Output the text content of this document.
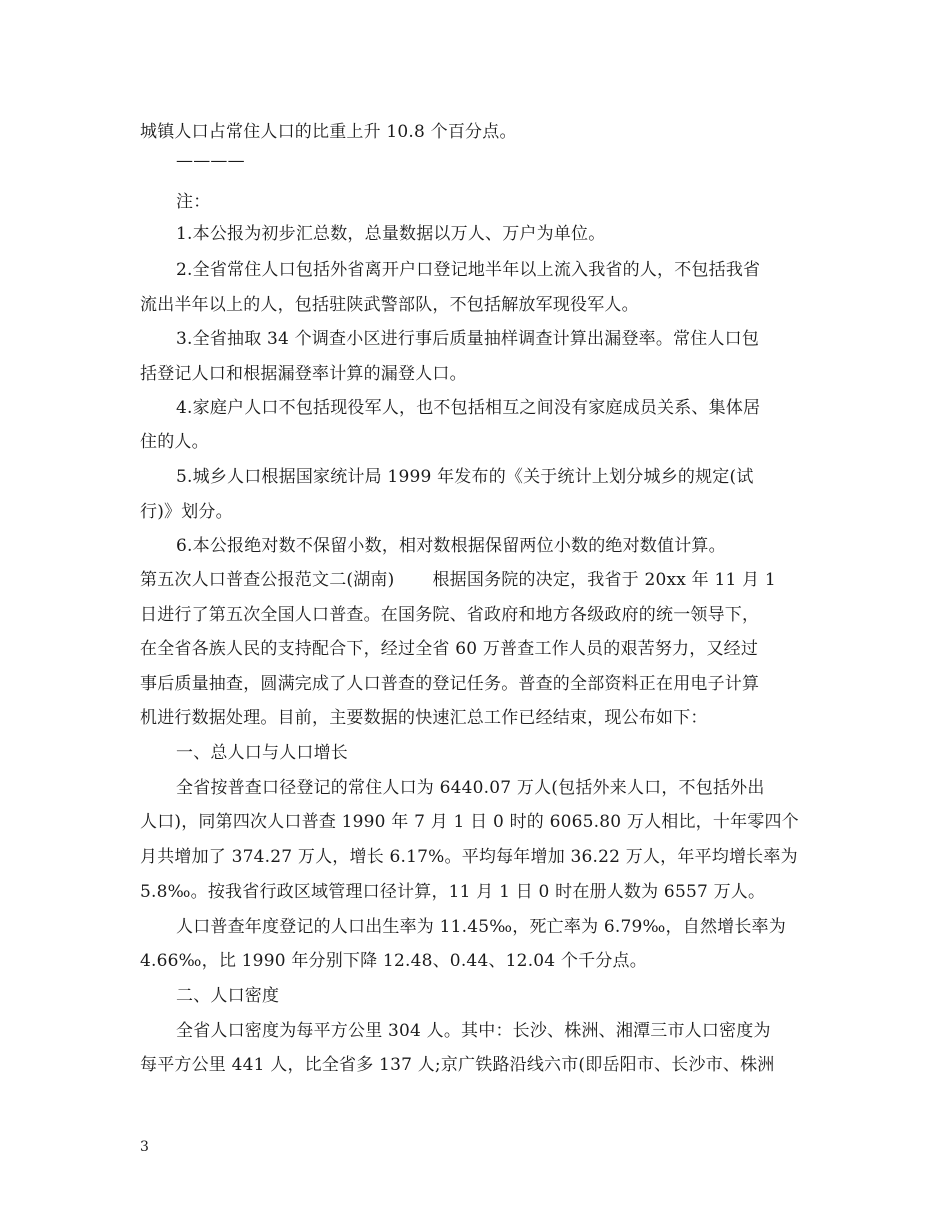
城镇人口占常住人口的比重上升 10.8 个百分点。
————
注：
1.本公报为初步汇总数，总量数据以万人、万户为单位。
2.全省常住人口包括外省离开户口登记地半年以上流入我省的人，不包括我省
流出半年以上的人，包括驻陕武警部队，不包括解放军现役军人。
3.全省抽取 34 个调查小区进行事后质量抽样调查计算出漏登率。常住人口包
括登记人口和根据漏登率计算的漏登人口。
4.家庭户人口不包括现役军人，也不包括相互之间没有家庭成员关系、集体居
住的人。
5.城乡人口根据国家统计局 1999 年发布的《关于统计上划分城乡的规定(试
行)》划分。
6.本公报绝对数不保留小数，相对数根据保留两位小数的绝对数值计算。
第五次人口普查公报范文二(湖南) 根据国务院的决定，我省于 20xx 年 11 月 1
日进行了第五次全国人口普查。在国务院、省政府和地方各级政府的统一领导下，
在全省各族人民的支持配合下，经过全省 60 万普查工作人员的艰苦努力，又经过
事后质量抽查，圆满完成了人口普查的登记任务。普查的全部资料正在用电子计算
机进行数据处理。目前，主要数据的快速汇总工作已经结束，现公布如下：
一、总人口与人口增长
全省按普查口径登记的常住人口为 6440.07 万人(包括外来人口，不包括外出
人口)，同第四次人口普查 1990 年 7 月 1 日 0 时的 6065.80 万人相比，十年零四个
月共增加了 374.27 万人，增长 6.17%。平均每年增加 36.22 万人，年平均增长率为
5.8‰。按我省行政区域管理口径计算，11 月 1 日 0 时在册人数为 6557 万人。
人口普查年度登记的人口出生率为 11.45‰，死亡率为 6.79‰，自然增长率为
4.66‰，比 1990 年分别下降 12.48、0.44、12.04 个千分点。
二、人口密度
全省人口密度为每平方公里 304 人。其中：长沙、株洲、湘潭三市人口密度为
每平方公里 441 人，比全省多 137 人;京广铁路沿线六市(即岳阳市、长沙市、株洲
3
